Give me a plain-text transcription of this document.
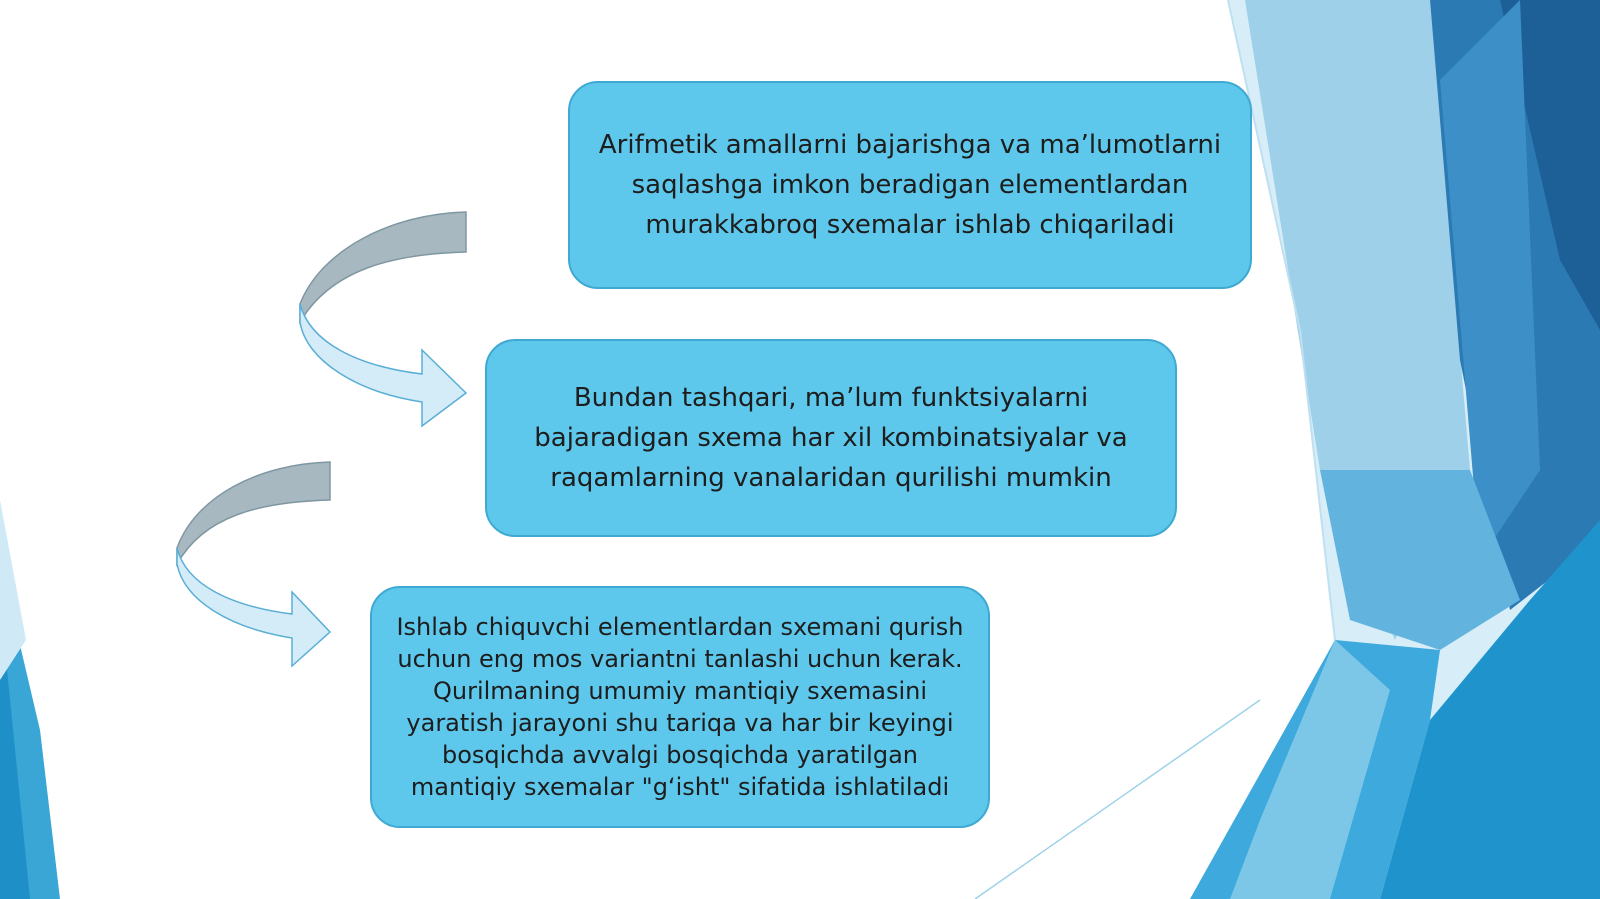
Arifmetik amallarni bajarishga va ma’lumotlarni saqlashga imkon beradigan elementlardan murakkabroq sxemalar ishlab chiqariladi
Bundan tashqari, ma’lum funktsiyalarni bajaradigan sxema har xil kombinatsiyalar va raqamlarning vanalaridan qurilishi mumkin
Ishlab chiquvchi elementlardan sxemani qurish uchun eng mos variantni tanlashi uchun kerak. Qurilmaning umumiy mantiqiy sxemasini yaratish jarayoni shu tariqa va har bir keyingi bosqichda avvalgi bosqichda yaratilgan mantiqiy sxemalar "g‘isht" sifatida ishlatiladi
